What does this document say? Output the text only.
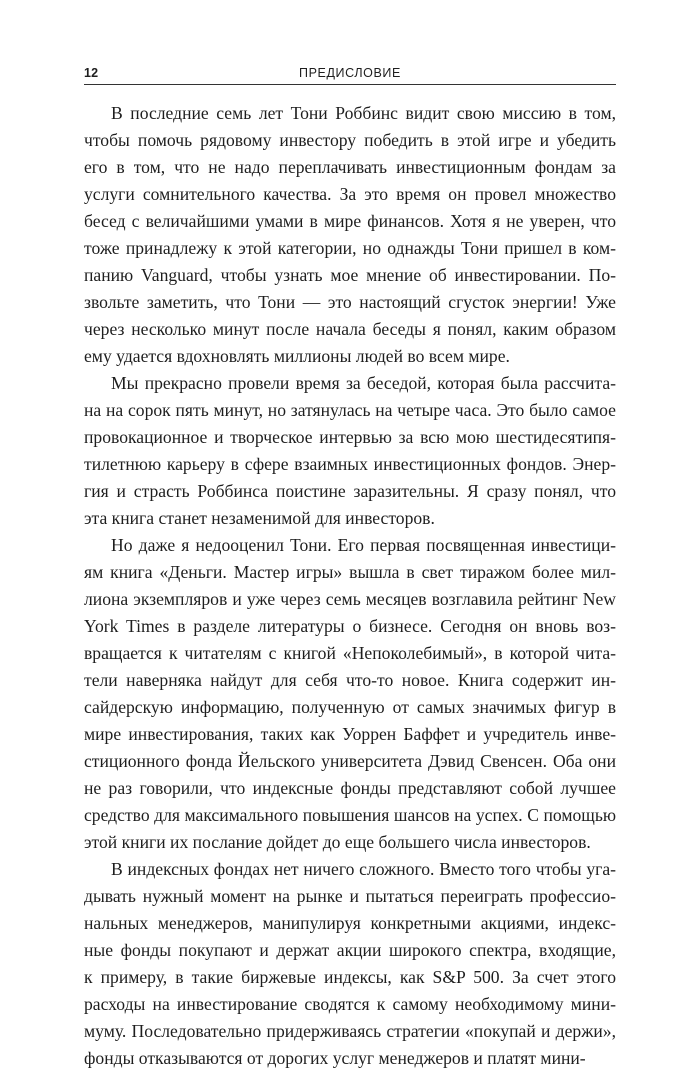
12	ПРЕДИСЛОВИЕ
В последние семь лет Тони Роббинс видит свою миссию в том,
чтобы помочь рядовому инвестору победить в этой игре и убедить
его в том, что не надо переплачивать инвестиционным фондам за
услуги сомнительного качества. За это время он провел множество
бесед с величайшими умами в мире финансов. Хотя я не уверен, что
тоже принадлежу к этой категории, но однажды Тони пришел в ком-
панию Vanguard, чтобы узнать мое мнение об инвестировании. По-
звольте заметить, что Тони — это настоящий сгусток энергии! Уже
через несколько минут после начала беседы я понял, каким образом
ему удается вдохновлять миллионы людей во всем мире.
Мы прекрасно провели время за беседой, которая была рассчита-
на на сорок пять минут, но затянулась на четыре часа. Это было самое
провокационное и творческое интервью за всю мою шестидесятипя-
тилетнюю карьеру в сфере взаимных инвестиционных фондов. Энер-
гия и страсть Роббинса поистине заразительны. Я сразу понял, что
эта книга станет незаменимой для инвесторов.
Но даже я недооценил Тони. Его первая посвященная инвестици-
ям книга «Деньги. Мастер игры» вышла в свет тиражом более мил-
лиона экземпляров и уже через семь месяцев возглавила рейтинг New
York Times в разделе литературы о бизнесе. Сегодня он вновь воз-
вращается к читателям с книгой «Непоколебимый», в которой чита-
тели наверняка найдут для себя что-то новое. Книга содержит ин-
сайдерскую информацию, полученную от самых значимых фигур в
мире инвестирования, таких как Уоррен Баффет и учредитель инве-
стиционного фонда Йельского университета Дэвид Свенсен. Оба они
не раз говорили, что индексные фонды представляют собой лучшее
средство для максимального повышения шансов на успех. С помощью
этой книги их послание дойдет до еще большего числа инвесторов.
В индексных фондах нет ничего сложного. Вместо того чтобы уга-
дывать нужный момент на рынке и пытаться переиграть профессио-
нальных менеджеров, манипулируя конкретными акциями, индекс-
ные фонды покупают и держат акции широкого спектра, входящие,
к примеру, в такие биржевые индексы, как S&P 500. За счет этого
расходы на инвестирование сводятся к самому необходимому мини-
муму. Последовательно придерживаясь стратегии «покупай и держи»,
фонды отказываются от дорогих услуг менеджеров и платят мини-
